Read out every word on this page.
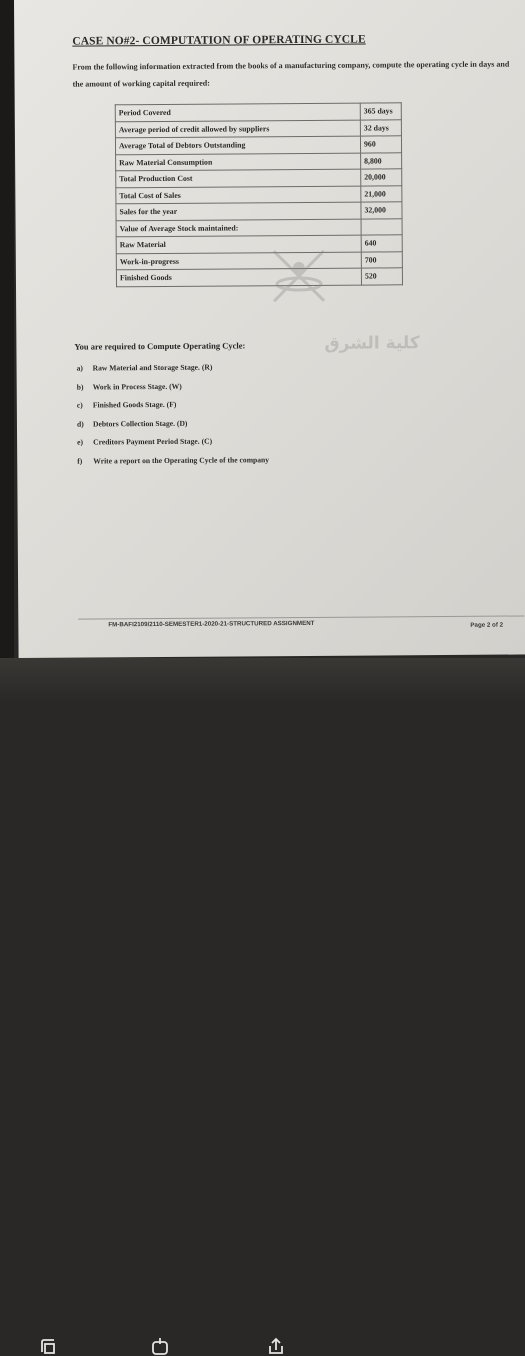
CASE NO#2- COMPUTATION OF OPERATING CYCLE
From the following information extracted from the books of a manufacturing company, compute the operating cycle in days and the amount of working capital required:
Period Covered	365 days
Average period of credit allowed by suppliers	32 days
Average Total of Debtors Outstanding	960
Raw Material Consumption	8,800
Total Production Cost	20,000
Total Cost of Sales	21,000
Sales for the year	32,000
Value of Average Stock maintained:	
Raw Material	640
Work-in-progress	700
Finished Goods	520
كلية الشرق
You are required to Compute Operating Cycle:
a) Raw Material and Storage Stage. (R)
b) Work in Process Stage. (W)
c) Finished Goods Stage. (F)
d) Debtors Collection Stage. (D)
e) Creditors Payment Period Stage. (C)
f) Write a report on the Operating Cycle of the company
FM-BAFI2109/2110-SEMESTER1-2020-21-STRUCTURED ASSIGNMENT	Page 2 of 2
